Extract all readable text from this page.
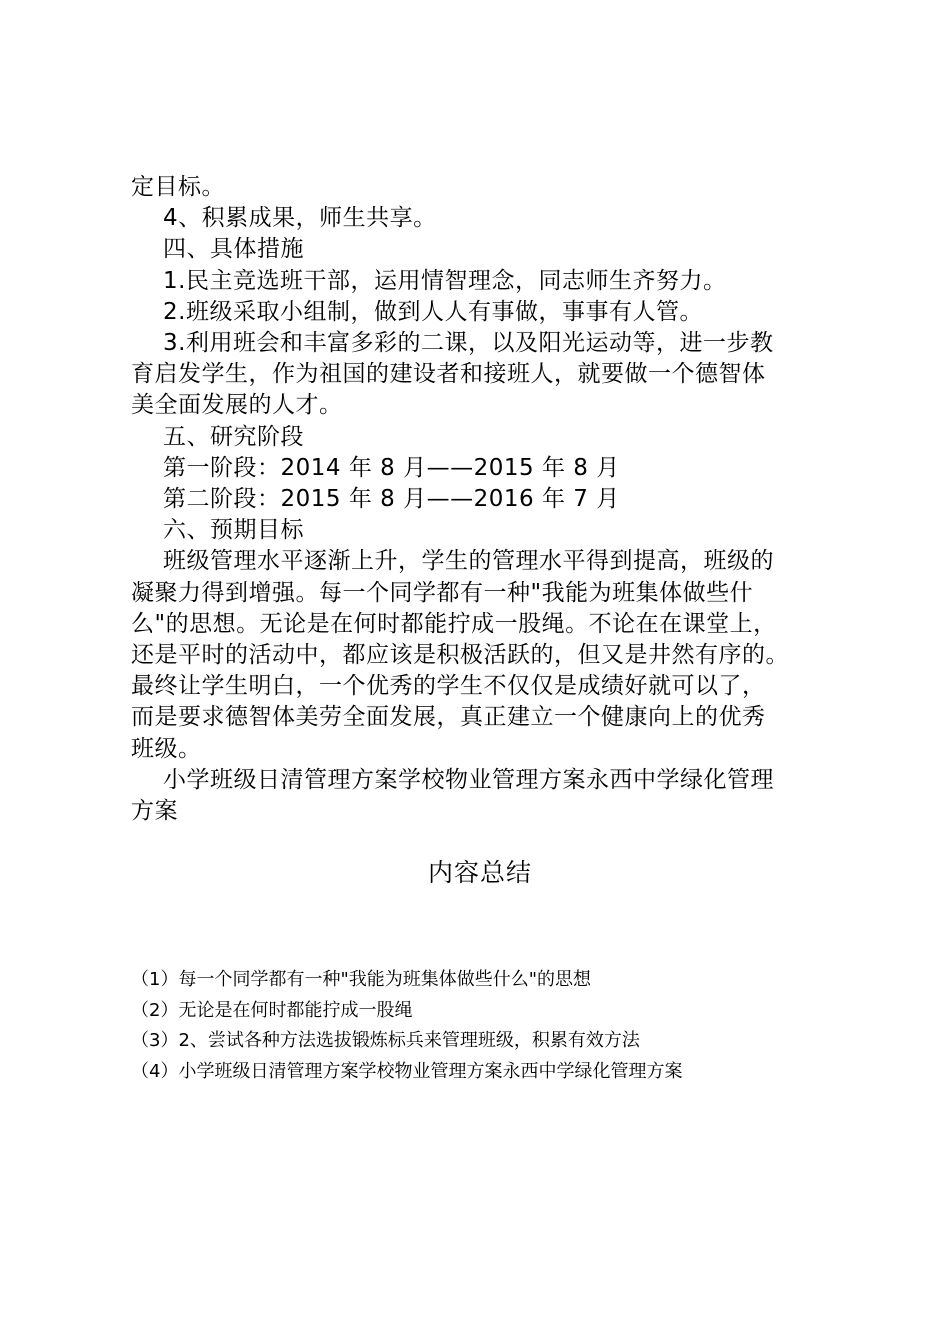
定目标。

4、积累成果，师生共享。

四、具体措施

1.民主竞选班干部，运用情智理念，同志师生齐努力。

2.班级采取小组制，做到人人有事做，事事有人管。

3.利用班会和丰富多彩的二课，以及阳光运动等，进一步教

育启发学生，作为祖国的建设者和接班人，就要做一个德智体

美全面发展的人才。

五、研究阶段

第一阶段：2014 年 8 月——2015 年 8 月

第二阶段：2015 年 8 月——2016 年 7 月

六、预期目标

班级管理水平逐渐上升，学生的管理水平得到提高，班级的

凝聚力得到增强。每一个同学都有一种"我能为班集体做些什

么"的思想。无论是在何时都能拧成一股绳。不论在在课堂上，

还是平时的活动中，都应该是积极活跃的，但又是井然有序的。

最终让学生明白，一个优秀的学生不仅仅是成绩好就可以了，

而是要求德智体美劳全面发展，真正建立一个健康向上的优秀

班级。

小学班级日清管理方案学校物业管理方案永西中学绿化管理

方案

内容总结

（1）每一个同学都有一种"我能为班集体做些什么"的思想

（2）无论是在何时都能拧成一股绳

（3）2、尝试各种方法选拔锻炼标兵来管理班级，积累有效方法

（4）小学班级日清管理方案学校物业管理方案永西中学绿化管理方案
